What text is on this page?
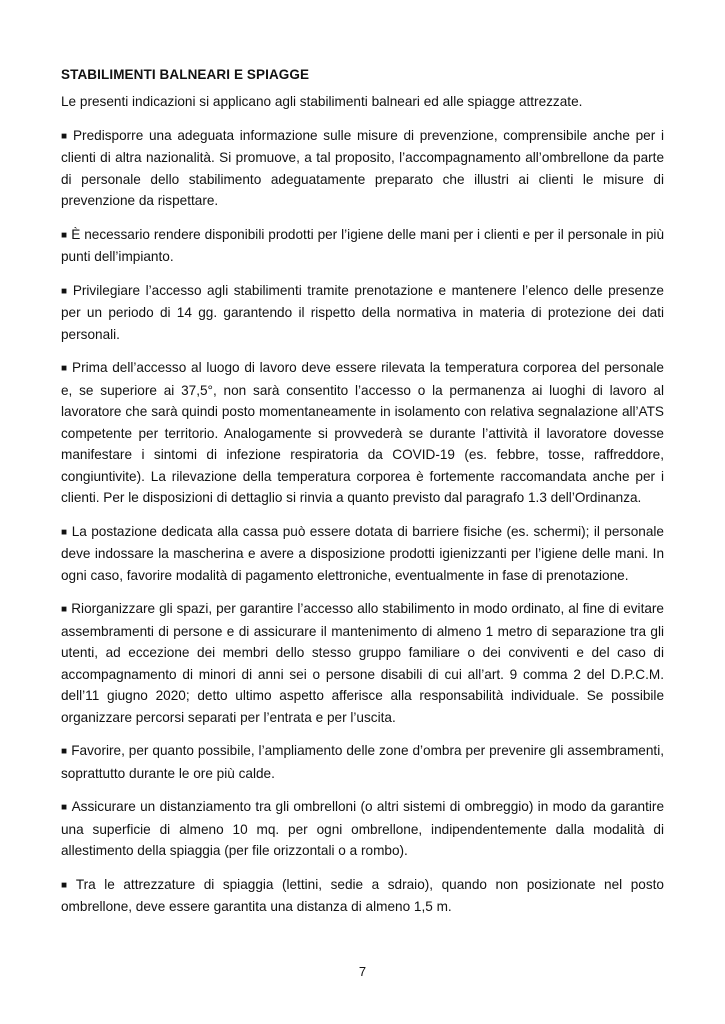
STABILIMENTI BALNEARI E SPIAGGE

Le presenti indicazioni si applicano agli stabilimenti balneari ed alle spiagge attrezzate.

■ Predisporre una adeguata informazione sulle misure di prevenzione, comprensibile anche per i clienti di altra nazionalità. Si promuove, a tal proposito, l’accompagnamento all’ombrellone da parte di personale dello stabilimento adeguatamente preparato che illustri ai clienti le misure di prevenzione da rispettare.

■ È necessario rendere disponibili prodotti per l’igiene delle mani per i clienti e per il personale in più punti dell’impianto.

■ Privilegiare l’accesso agli stabilimenti tramite prenotazione e mantenere l’elenco delle presenze per un periodo di 14 gg. garantendo il rispetto della normativa in materia di protezione dei dati personali.

■ Prima dell’accesso al luogo di lavoro deve essere rilevata la temperatura corporea del personale e, se superiore ai 37,5°, non sarà consentito l’accesso o la permanenza ai luoghi di lavoro al lavoratore che sarà quindi posto momentaneamente in isolamento con relativa segnalazione all’ATS competente per territorio. Analogamente si provvederà se durante l’attività il lavoratore dovesse manifestare i sintomi di infezione respiratoria da COVID-19 (es. febbre, tosse, raffreddore, congiuntivite). La rilevazione della temperatura corporea è fortemente raccomandata anche per i clienti. Per le disposizioni di dettaglio si rinvia a quanto previsto dal paragrafo 1.3 dell’Ordinanza.

■ La postazione dedicata alla cassa può essere dotata di barriere fisiche (es. schermi); il personale deve indossare la mascherina e avere a disposizione prodotti igienizzanti per l’igiene delle mani. In ogni caso, favorire modalità di pagamento elettroniche, eventualmente in fase di prenotazione.

■ Riorganizzare gli spazi, per garantire l’accesso allo stabilimento in modo ordinato, al fine di evitare assembramenti di persone e di assicurare il mantenimento di almeno 1 metro di separazione tra gli utenti, ad eccezione dei membri dello stesso gruppo familiare o dei conviventi e del caso di accompagnamento di minori di anni sei o persone disabili di cui all’art. 9 comma 2 del D.P.C.M. dell’11 giugno 2020; detto ultimo aspetto afferisce alla responsabilità individuale. Se possibile organizzare percorsi separati per l’entrata e per l’uscita.

■ Favorire, per quanto possibile, l’ampliamento delle zone d’ombra per prevenire gli assembramenti, soprattutto durante le ore più calde.

■ Assicurare un distanziamento tra gli ombrelloni (o altri sistemi di ombreggio) in modo da garantire una superficie di almeno 10 mq. per ogni ombrellone, indipendentemente dalla modalità di allestimento della spiaggia (per file orizzontali o a rombo).

■ Tra le attrezzature di spiaggia (lettini, sedie a sdraio), quando non posizionate nel posto ombrellone, deve essere garantita una distanza di almeno 1,5 m.

7
